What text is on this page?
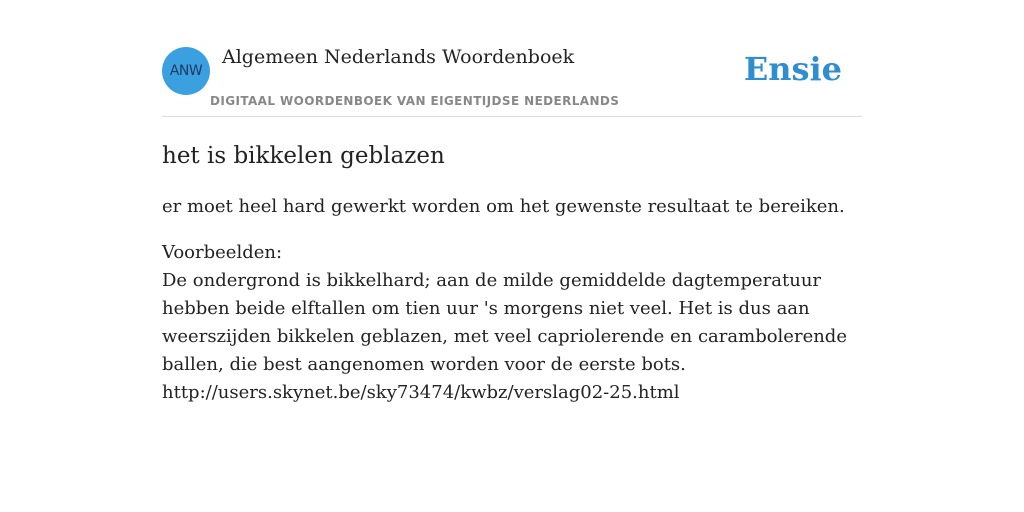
ANW
Algemeen Nederlands Woordenboek
DIGITAAL WOORDENBOEK VAN EIGENTIJDSE NEDERLANDS
Ensie
het is bikkelen geblazen

er moet heel hard gewerkt worden om het gewenste resultaat te bereiken.

Voorbeelden:
De ondergrond is bikkelhard; aan de milde gemiddelde dagtemperatuur hebben beide elftallen om tien uur 's morgens niet veel. Het is dus aan weerszijden bikkelen geblazen, met veel capriolerende en carambolerende ballen, die best aangenomen worden voor de eerste bots.
http://users.skynet.be/sky73474/kwbz/verslag02-25.html
